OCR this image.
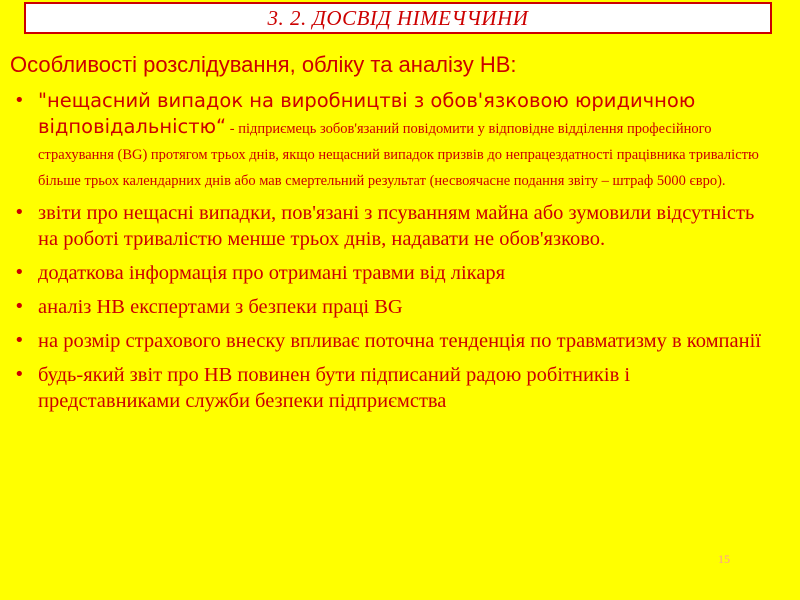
3. 2. ДОСВІД НІМЕЧЧИНИ
Особливості розслідування, обліку та аналізу НВ:
• "нещасний випадок на виробництві з обов'язковою юридичною відповідальністю“ - підприємець зобов'язаний повідомити у відповідне відділення професійного страхування (BG) протягом трьох днів, якщо нещасний випадок призвів до непрацездатності працівника тривалістю більше трьох календарних днів або мав смертельний результат (несвоячасне подання звіту – штраф 5000 євро).
• звіти про нещасні випадки, пов'язані з псуванням майна або зумовили відсутність на роботі тривалістю менше трьох днів, надавати не обов'язково.
• додаткова інформація про отримані травми від лікаря
• аналіз НВ експертами з безпеки праці BG
• на розмір страхового внеску впливає поточна тенденція по травматизму в компанії
• будь-який звіт про НВ повинен бути підписаний радою робітників і представниками служби безпеки підприємства
15
